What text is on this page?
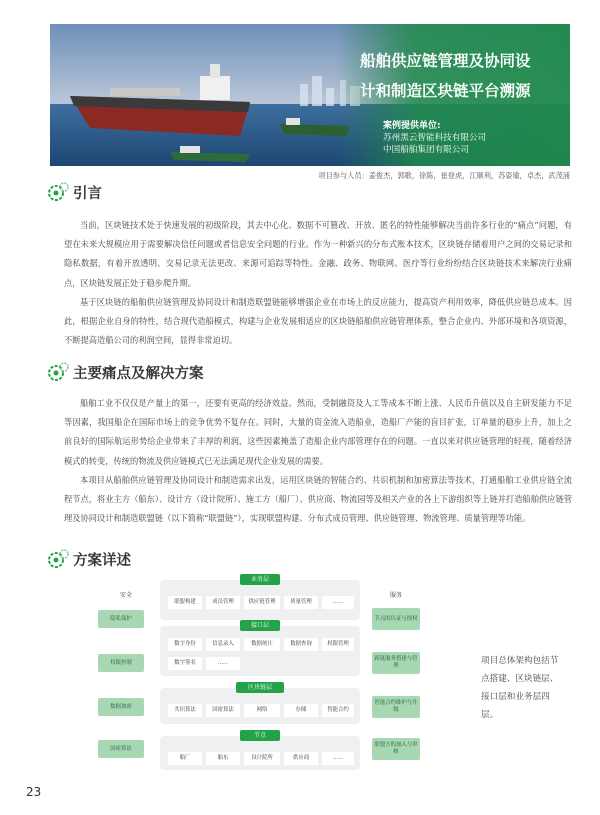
船舶供应链管理及协同设
计和制造区块链平台溯源
案例提供单位:
苏州黑云智能科技有限公司
中国船舶集团有限公司
项目参与人员：姜俊杰，郭歌，徐陈，崔登虎，江顺利，苏姿瑜，卓杰，武茂浦
引言

当前，区块链技术处于快速发展的初级阶段，其去中心化、数据不可篡改、开放、匿名的特性能够解决当前许多行业的“痛点”问题，有望在未来大规模应用于需要解决信任问题或者信息安全问题的行业。作为一种新兴的分布式账本技术，区块链存储着用户之间的交易记录和隐私数据，有着开放透明、交易记录无法更改、来源可追踪等特性。金融、政务、物联网、医疗等行业纷纷结合区块链技术来解决行业痛点，区块链发展正处于稳步爬升期。

基于区块链的船舶供应链管理及协同设计和制造联盟链能够增强企业在市场上的反应能力，提高资产利用效率，降低供应链总成本。因此，根据企业自身的特性，结合现代造船模式，构建与企业发展相适应的区块链船舶供应链管理体系，整合企业内、外部环境和各项资源，不断提高造船公司的利润空间，显得非常迫切。

主要痛点及解决方案

船舶工业不仅仅是产量上的第一，还要有更高的经济效益。然而，受制融资及人工等成本不断上涨、人民币升值以及自主研发能力不足等因素，我国船企在国际市场上的竞争优势不复存在。同时，大量的资金流入造船业，造船厂产能的盲目扩张，订单量的稳步上升，加上之前良好的国际航运形势给企业带来了丰厚的利润，这些因素掩盖了造船企业内部管理存在的问题。一直以来对供应链管理的轻视，随着经济模式的转变，传统的物流及供应链模式已无法满足现代企业发展的需要。

本项目从船舶供应链管理及协同设计和制造需求出发，运用区块链的智能合约、共识机制和加密算法等技术，打通船舶工业供应链全流程节点，将业主方（船东）、设计方（设计院所）、施工方（船厂）、供应商、物流园等及相关产业的各上下游组织等上链并打造船舶供应链管理及协同设计和制造联盟链（以下简称“联盟链”），实现联盟构建、分布式成员管理、供应链管理、物流管理、质量管理等功能。

方案详述
安全
隐私保护
权限控制
数据加密
国密算法
服务
节点的认证与授权
跨链服务搭建与管理
智能合约维护与升级
联盟方的加入与审核
业务层
联盟构建	成员管理	供应链管理	质量管理	......
接口层
数字身份	信息录入	数据统计	数据查询	权限管理
数字签名	......
区块链层
共识算法	国密算法	网络	存储	智能合约
节点
船厂	船东	设计院所	供应商	......
项目总体架构包括节点搭建、区块链层、接口层和业务层四层。
23
